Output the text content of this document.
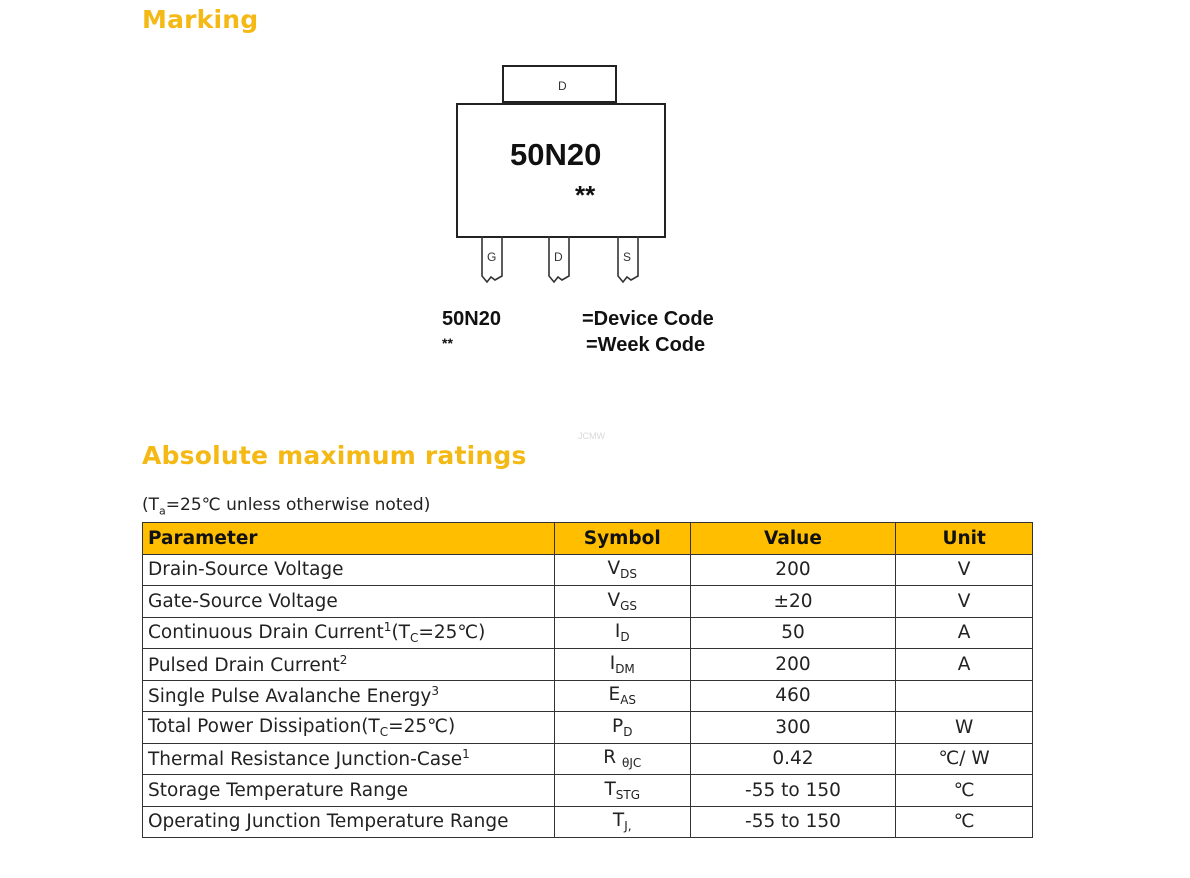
Marking
D
50N20
**
G	D	S
50N20	=Device Code
**	=Week Code
JCMW
Absolute maximum ratings
($T_a=25℃$ unless otherwise noted)
Parameter	Symbol	Value	Unit
Drain-Source Voltage	$V_{DS}$	200	V
Gate-Source Voltage	$V_{GS}$	±20	V
Continuous Drain $Current^1(T_C=25℃)$	$I_D$	50	A
Pulsed Drain Current$^2$	$I_{DM}$	200	A
Single Pulse Avalanche Energy$^3$	$E_{AS}$	460	
Total Power $Dissipation(T_C=25℃)$	$P_D$	300	W
Thermal Resistance Junction-Case$^1$	R $_{\theta JC}$	0.42	℃/ W
Storage Temperature Range	$T_{STG}$	-55 to 150	℃
Operating Junction Temperature Range	$T_{J,}$	-55 to 150	℃
